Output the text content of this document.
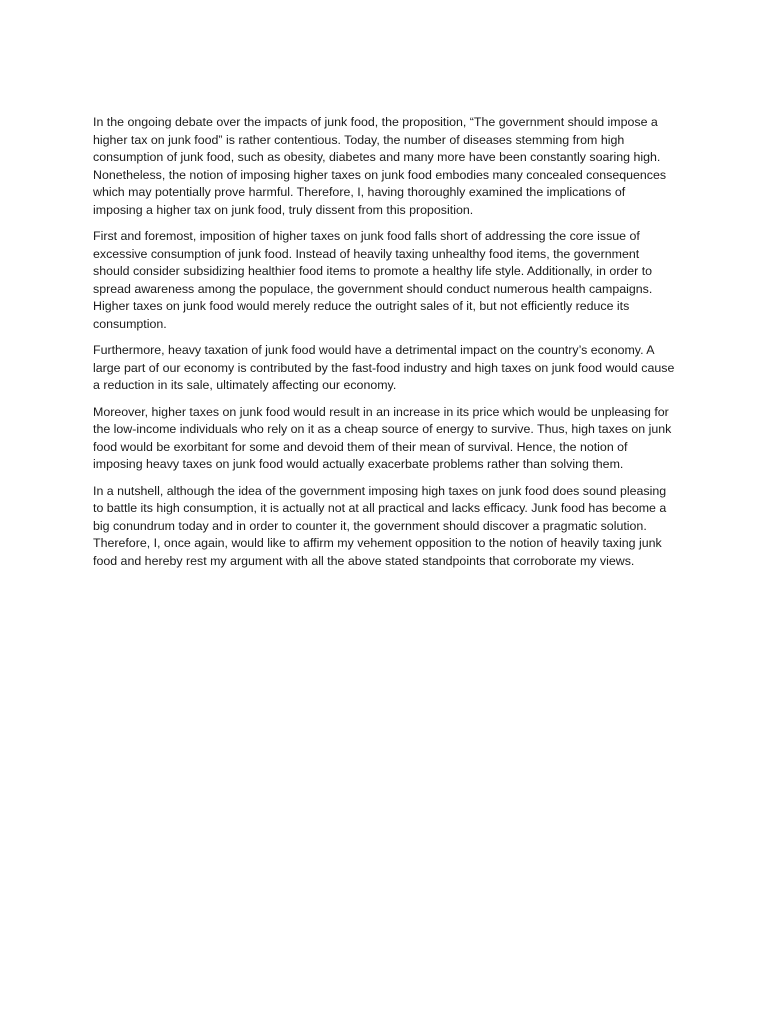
In the ongoing debate over the impacts of junk food, the proposition, “The government should impose a higher tax on junk food” is rather contentious. Today, the number of diseases stemming from high consumption of junk food, such as obesity, diabetes and many more have been constantly soaring high. Nonetheless, the notion of imposing higher taxes on junk food embodies many concealed consequences which may potentially prove harmful. Therefore, I, having thoroughly examined the implications of imposing a higher tax on junk food, truly dissent from this proposition.

First and foremost, imposition of higher taxes on junk food falls short of addressing the core issue of excessive consumption of junk food. Instead of heavily taxing unhealthy food items, the government should consider subsidizing healthier food items to promote a healthy life style. Additionally, in order to spread awareness among the populace, the government should conduct numerous health campaigns. Higher taxes on junk food would merely reduce the outright sales of it, but not efficiently reduce its consumption.

Furthermore, heavy taxation of junk food would have a detrimental impact on the country’s economy. A large part of our economy is contributed by the fast-food industry and high taxes on junk food would cause a reduction in its sale, ultimately affecting our economy.

Moreover, higher taxes on junk food would result in an increase in its price which would be unpleasing for the low-income individuals who rely on it as a cheap source of energy to survive. Thus, high taxes on junk food would be exorbitant for some and devoid them of their mean of survival. Hence, the notion of imposing heavy taxes on junk food would actually exacerbate problems rather than solving them.

In a nutshell, although the idea of the government imposing high taxes on junk food does sound pleasing to battle its high consumption, it is actually not at all practical and lacks efficacy. Junk food has become a big conundrum today and in order to counter it, the government should discover a pragmatic solution. Therefore, I, once again, would like to affirm my vehement opposition to the notion of heavily taxing junk food and hereby rest my argument with all the above stated standpoints that corroborate my views.
